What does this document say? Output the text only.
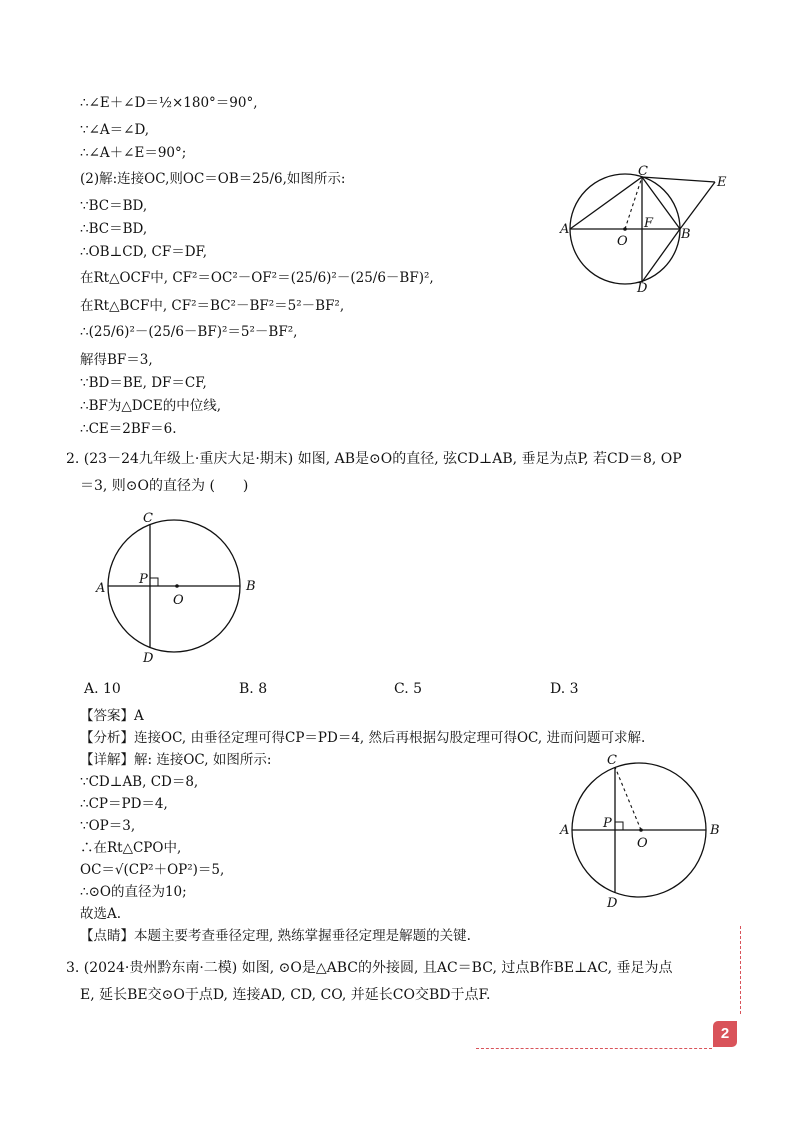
∴∠E＋∠D＝½×180°＝90°,
∵∠A＝∠D,
∴∠A＋∠E＝90°;
(2)解:连接OC,则OC＝OB＝25/6,如图所示:
∵BC＝BD,
∴BC＝BD,
∴OB⊥CD, CF＝DF,
在Rt△OCF中, CF²＝OC²－OF²＝(25/6)²－(25/6－BF)²,
在Rt△BCF中, CF²＝BC²－BF²＝5²－BF²,
∴(25/6)²－(25/6－BF)²＝5²－BF²,
解得BF＝3,
∵BD＝BE, DF＝CF,
∴BF为△DCE的中位线,
∴CE＝2BF＝6.
C
E
A
O
F
B
D
2. (23－24九年级上·重庆大足·期末) 如图, AB是⊙O的直径, 弦CD⊥AB, 垂足为点P, 若CD＝8, OP
＝3, 则⊙O的直径为 (　　)
C
P
A
O
B
D
A. 10	B. 8	C. 5	D. 3
【答案】A
【分析】连接OC, 由垂径定理可得CP＝PD＝4, 然后再根据勾股定理可得OC, 进而问题可求解.
【详解】解: 连接OC, 如图所示:
∵CD⊥AB, CD＝8,
∴CP＝PD＝4,
∵OP＝3,
∴在Rt△CPO中,
OC＝√(CP²＋OP²)＝5,
∴⊙O的直径为10;
故选A.
【点睛】本题主要考查垂径定理, 熟练掌握垂径定理是解题的关键.
C
P
A
O
B
D
3. (2024·贵州黔东南·二模) 如图, ⊙O是△ABC的外接圆, 且AC＝BC, 过点B作BE⊥AC, 垂足为点
E, 延长BE交⊙O于点D, 连接AD, CD, CO, 并延长CO交BD于点F.
2
